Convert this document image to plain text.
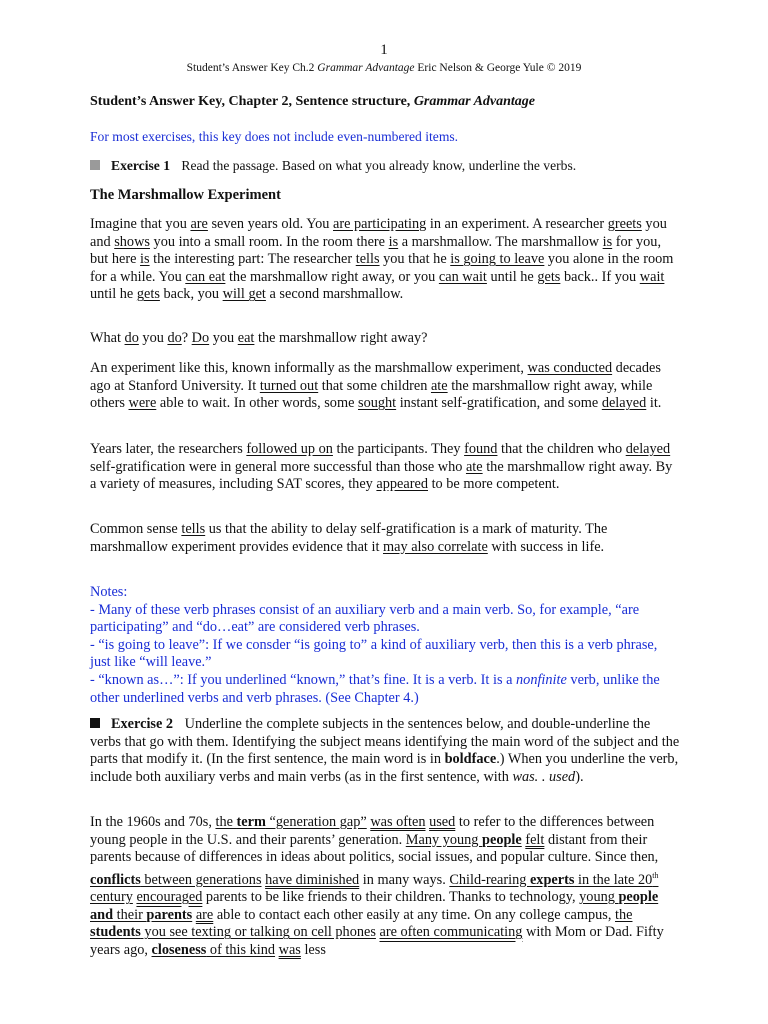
1
Student’s Answer Key Ch.2 Grammar Advantage Eric Nelson & George Yule © 2019
Student’s Answer Key, Chapter 2, Sentence structure, Grammar Advantage
For most exercises, this key does not include even-numbered items.
Exercise 1 Read the passage. Based on what you already know, underline the verbs.
The Marshmallow Experiment

Imagine that you are seven years old. You are participating in an experiment. A researcher greets you and shows you into a small room. In the room there is a marshmallow. The marshmallow is for you, but here is the interesting part: The researcher tells you that he is going to leave you alone in the room for a while. You can eat the marshmallow right away, or you can wait until he gets back.. If you wait until he gets back, you will get a second marshmallow.

What do you do? Do you eat the marshmallow right away?

An experiment like this, known informally as the marshmallow experiment, was conducted decades ago at Stanford University. It turned out that some children ate the marshmallow right away, while others were able to wait. In other words, some sought instant self-gratification, and some delayed it.

Years later, the researchers followed up on the participants. They found that the children who delayed self-gratification were in general more successful than those who ate the marshmallow right away. By a variety of measures, including SAT scores, they appeared to be more competent.

Common sense tells us that the ability to delay self-gratification is a mark of maturity. The marshmallow experiment provides evidence that it may also correlate with success in life.

Notes:
- Many of these verb phrases consist of an auxiliary verb and a main verb. So, for example, “are participating” and “do…eat” are considered verb phrases.
- “is going to leave”: If we consder “is going to” a kind of auxiliary verb, then this is a verb phrase, just like “will leave.”
- “known as…”: If you underlined “known,” that’s fine. It is a verb. It is a nonfinite verb, unlike the other underlined verbs and verb phrases. (See Chapter 4.)

Exercise 2 Underline the complete subjects in the sentences below, and double-underline the verbs that go with them. Identifying the subject means identifying the main word of the subject and the parts that modify it. (In the first sentence, the main word is in boldface.) When you underline the verb, include both auxiliary verbs and main verbs (as in the first sentence, with was. . used).

In the 1960s and 70s, the term “generation gap” was often used to refer to the differences between young people in the U.S. and their parents’ generation. Many young people felt distant from their parents because of differences in ideas about politics, social issues, and popular culture. Since then, conflicts between generations have diminished in many ways. Child-rearing experts in the late 20th century encouraged parents to be like friends to their children. Thanks to technology, young people and their parents are able to contact each other easily at any time. On any college campus, the students you see texting or talking on cell phones are often communicating with Mom or Dad. Fifty years ago, closeness of this kind was less
